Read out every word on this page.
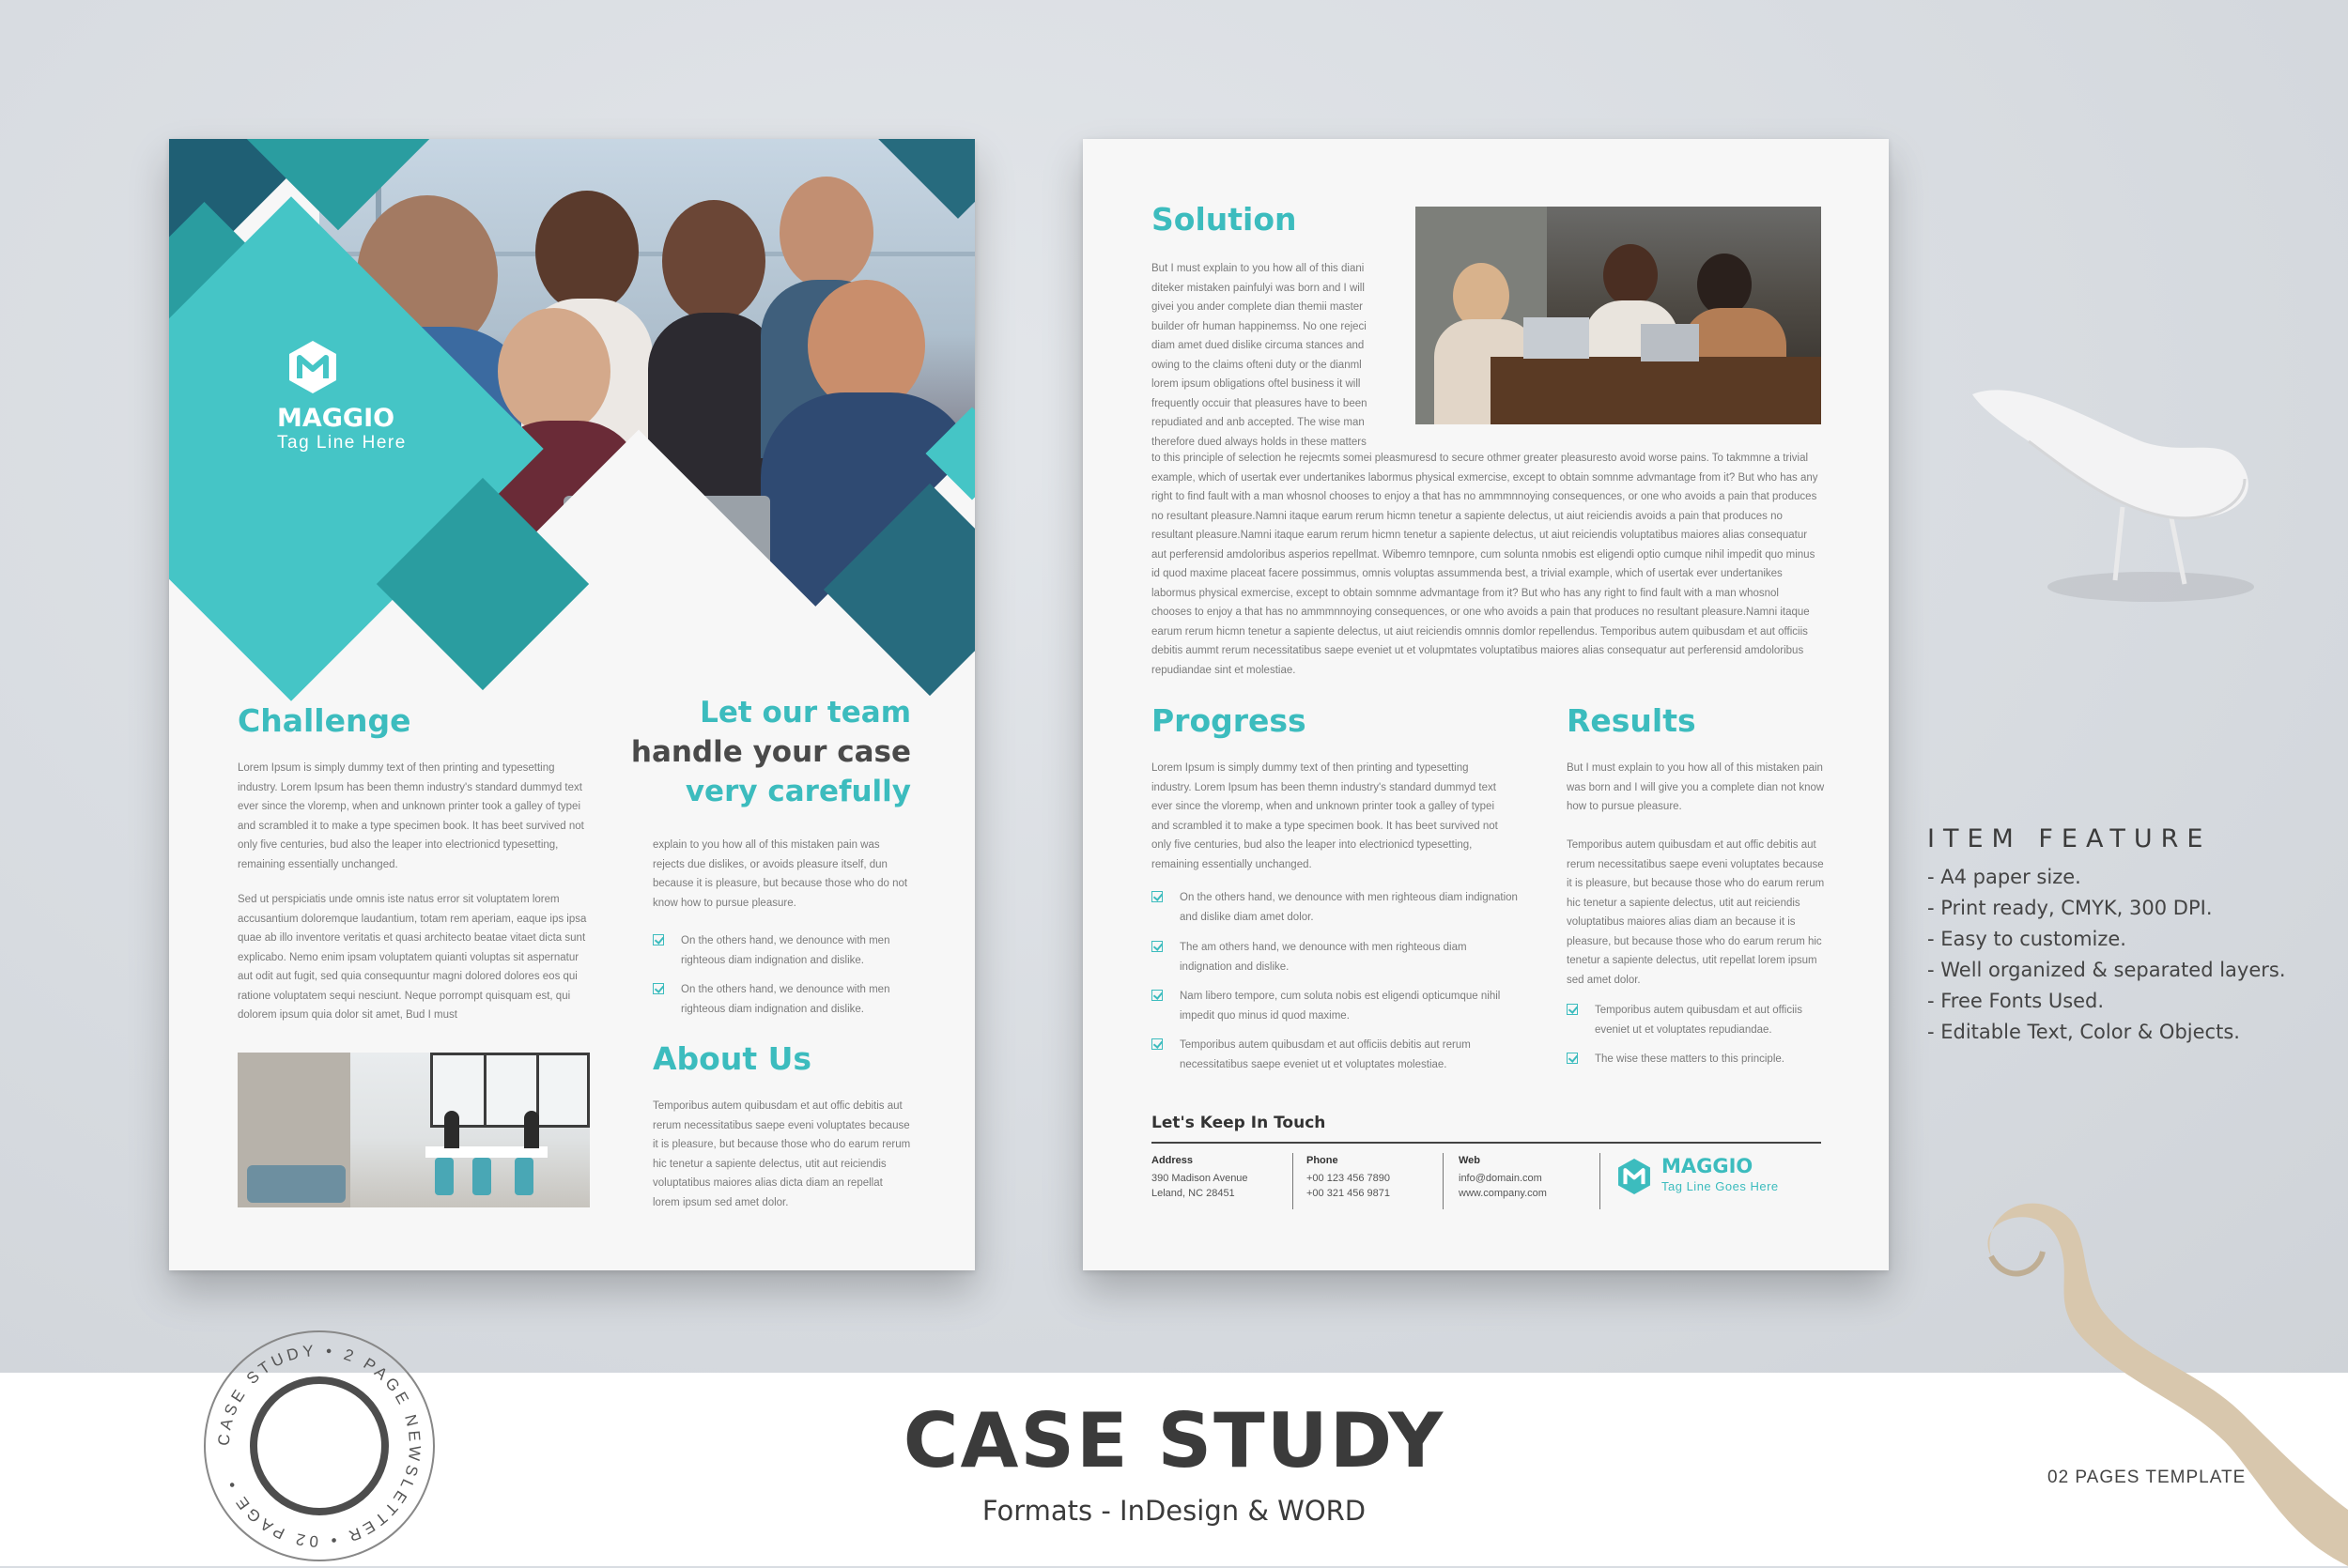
MAGGIO
Tag Line Here
Challenge

Lorem Ipsum is simply dummy text of then printing and typesetting industry. Lorem Ipsum has been themn industry's standard dummyd text ever since the vloremp, when and unknown printer took a galley of typei and scrambled it to make a type specimen book. It has beet survived not only five centuries, bud also the leaper into electrionicd typesetting, remaining essentially unchanged.

Sed ut perspiciatis unde omnis iste natus error sit voluptatem lorem accusantium doloremque laudantium, totam rem aperiam, eaque ips ipsa quae ab illo inventore veritatis et quasi architecto beatae vitaet dicta sunt explicabo. Nemo enim ipsam voluptatem quianti voluptas sit aspernatur aut odit aut fugit, sed quia consequuntur magni dolored dolores eos qui ratione voluptatem sequi nesciunt. Neque porrompt quisquam est, qui dolorem ipsum quia dolor sit amet, Bud I must

Let our team
handle your case
very carefully

explain to you how all of this mistaken pain was rejects due dislikes, or avoids pleasure itself, dun because it is pleasure, but because those who do not know how to pursue pleasure.

On the others hand, we denounce with men righteous diam indignation and dislike.
On the others hand, we denounce with men righteous diam indignation and dislike.
About Us

Temporibus autem quibusdam et aut offic debitis aut rerum necessitatibus saepe eveni voluptates because it is pleasure, but because those who do earum rerum hic tenetur a sapiente delectus, utit aut reiciendis voluptatibus maiores alias dicta diam an repellat lorem ipsum sed amet dolor.

Solution

But I must explain to you how all of this diani diteker mistaken painfulyi was born and I will givei you ander complete dian themii master builder ofr human happinemss. No one rejeci diam amet dued dislike circuma stances and owing to the claims ofteni duty or the dianml lorem ipsum obligations oftel business it will frequently occuir that pleasures have to been repudiated and anb accepted. The wise man therefore dued always holds in these matters

to this principle of selection he rejecmts somei pleasmuresd to secure othmer greater pleasuresto avoid worse pains. To takmmne a trivial example, which of usertak ever undertanikes labormus physical exmercise, except to obtain somnme advmantage from it? But who has any right to find fault with a man whosnol chooses to enjoy a that has no ammmnnoying consequences, or one who avoids a pain that produces no resultant pleasure.Namni itaque earum rerum hicmn tenetur a sapiente delectus, ut aiut reiciendis avoids a pain that produces no resultant pleasure.Namni itaque earum rerum hicmn tenetur a sapiente delectus, ut aiut reiciendis voluptatibus maiores alias consequatur aut perferensid amdoloribus asperios repellmat. Wibemro temnpore, cum solunta nmobis est eligendi optio cumque nihil impedit quo minus id quod maxime placeat facere possimmus, omnis voluptas assummenda best, a trivial example, which of usertak ever undertanikes labormus physical exmercise, except to obtain somnme advmantage from it? But who has any right to find fault with a man whosnol chooses to enjoy a that has no ammmnnoying consequences, or one who avoids a pain that produces no resultant pleasure.Namni itaque earum rerum hicmn tenetur a sapiente delectus, ut aiut reiciendis omnnis domlor repellendus. Temporibus autem quibusdam et aut officiis debitis aummt rerum necessitatibus saepe eveniet ut et volupmtates voluptatibus maiores alias consequatur aut perferensid amdoloribus repudiandae sint et molestiae.

Progress

Lorem Ipsum is simply dummy text of then printing and typesetting industry. Lorem Ipsum has been themn industry's standard dummyd text ever since the vloremp, when and unknown printer took a galley of typei and scrambled it to make a type specimen book. It has beet survived not only five centuries, bud also the leaper into electrionicd typesetting, remaining essentially unchanged.

On the others hand, we denounce with men righteous diam indignation and dislike diam amet dolor.
The am others hand, we denounce with men righteous diam indignation and dislike.
Nam libero tempore, cum soluta nobis est eligendi opticumque nihil impedit quo minus id quod maxime.
Temporibus autem quibusdam et aut officiis debitis aut rerum necessitatibus saepe eveniet ut et voluptates molestiae.
Results

But I must explain to you how all of this mistaken pain was born and I will give you a complete dian not know how to pursue pleasure.

Temporibus autem quibusdam et aut offic debitis aut rerum necessitatibus saepe eveni voluptates because it is pleasure, but because those who do earum rerum hic tenetur a sapiente delectus, utit aut reiciendis voluptatibus maiores alias diam an because it is pleasure, but because those who do earum rerum hic tenetur a sapiente delectus, utit repellat lorem ipsum sed amet dolor.

Temporibus autem quibusdam et aut officiis eveniet ut et voluptates repudiandae.
The wise these matters to this principle.
Let's Keep In Touch
Address
390 Madison Avenue
Leland, NC 28451
Phone
+00 123 456 7890
+00 321 456 9871
Web
info@domain.com
www.company.com
MAGGIO
Tag Line Goes Here
ITEM FEATURE
- A4 paper size.
- Print ready, CMYK, 300 DPI.
- Easy to customize.
- Well organized & separated layers.
- Free Fonts Used.
- Editable Text, Color & Objects.
CASE STUDY • 2 PAGE NEWSLETTER • 02 PAGE •	CASE STUDY
Formats - InDesign & WORD
02 PAGES TEMPLATE
